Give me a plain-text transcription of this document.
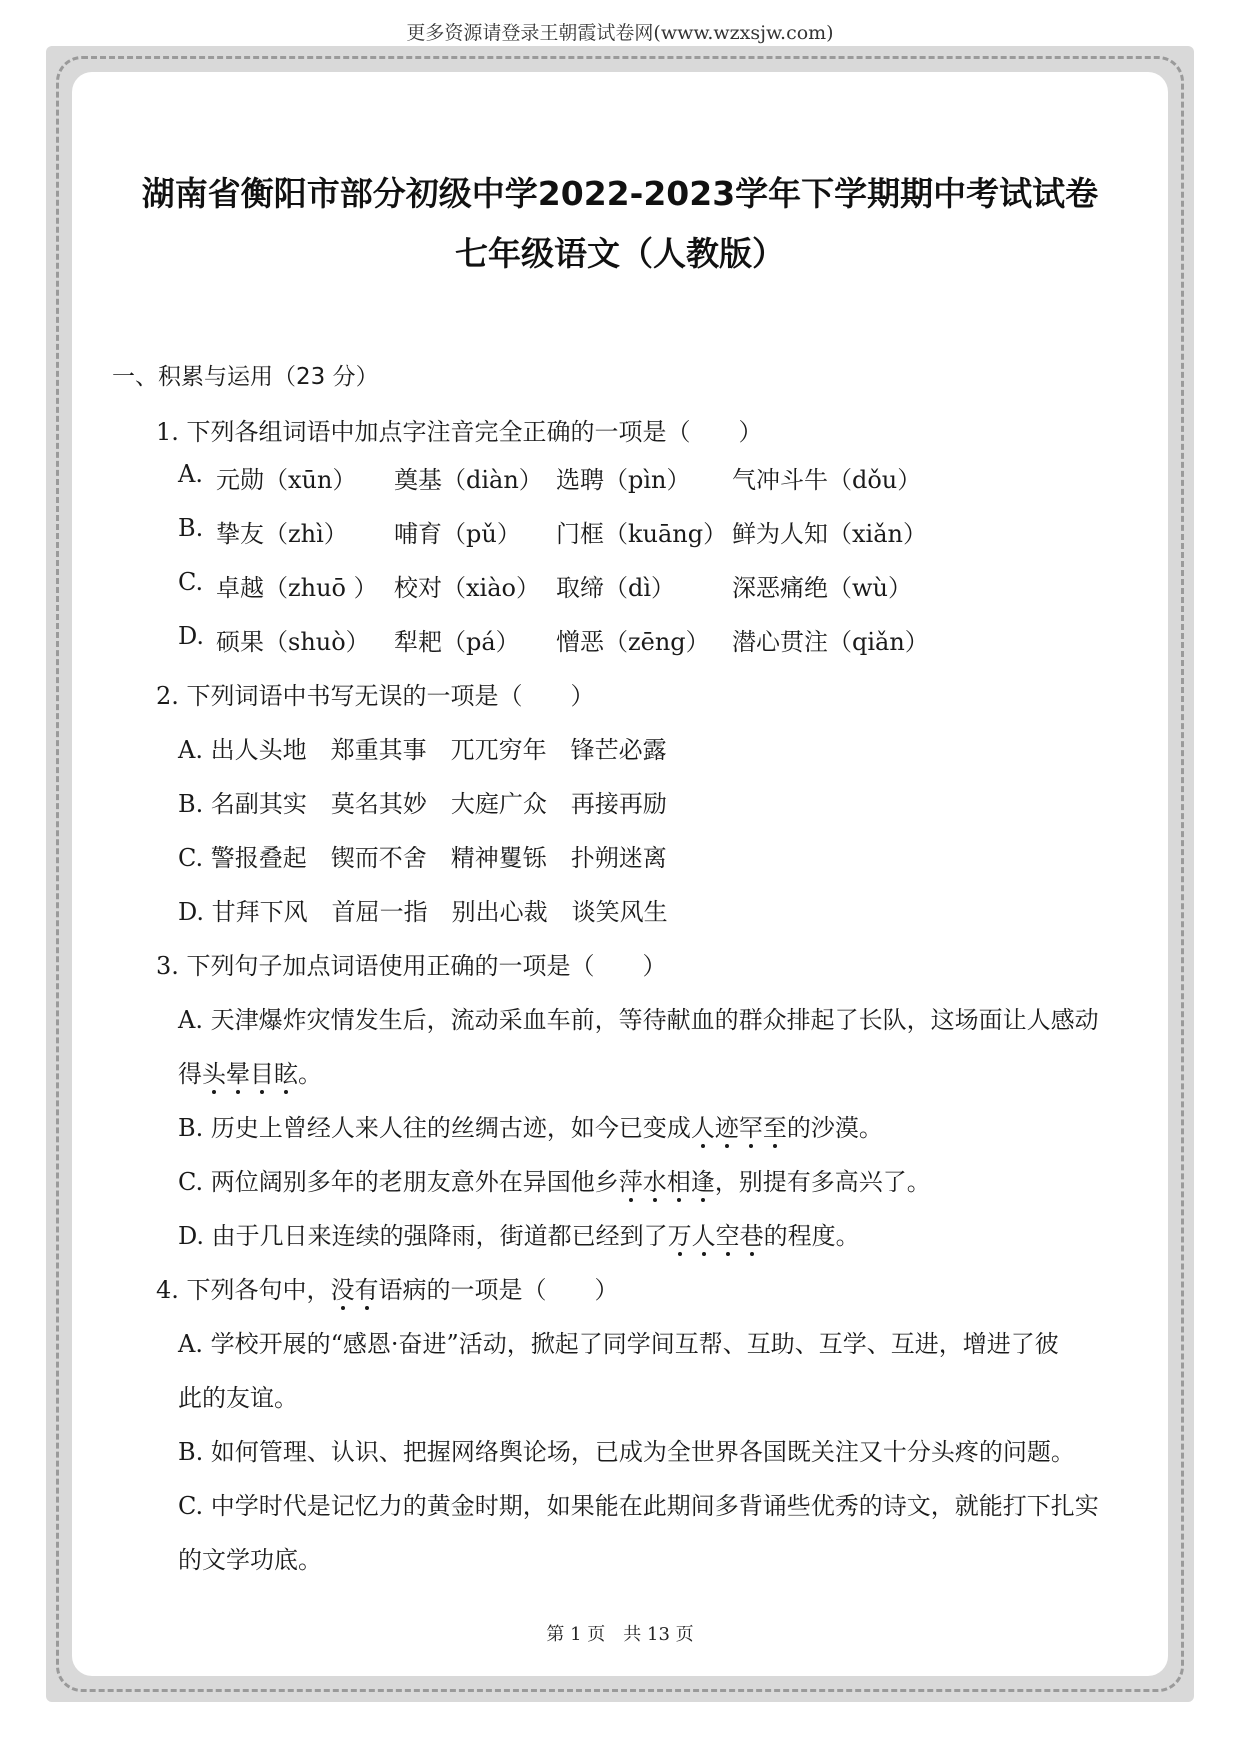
更多资源请登录王朝霞试卷网(www.wzxsjw.com)
湖南省衡阳市部分初级中学2022-2023学年下学期期中考试试卷
七年级语文（人教版）
一、积累与运用（23 分）
1. 下列各组词语中加点字注音完全正确的一项是（　　）
A. 元勋（xūn） 奠基（diàn） 选聘（pìn） 气冲斗牛（dǒu）
B. 挚友（zhì） 哺育（pǔ） 门框（kuāng） 鲜为人知（xiǎn）
C. 卓越（zhuō ） 校对（xiào） 取缔（dì） 深恶痛绝（wù）
D. 硕果（shuò） 犁耙（pá） 憎恶（zēng） 潜心贯注（qiǎn）
2. 下列词语中书写无误的一项是（　　）
A. 出人头地　郑重其事　兀兀穷年　锋芒必露
B. 名副其实　莫名其妙　大庭广众　再接再励
C. 警报叠起　锲而不舍　精神矍铄　扑朔迷离
D. 甘拜下风　首屈一指　别出心裁　谈笑风生
3. 下列句子加点词语使用正确的一项是（　　）
A. 天津爆炸灾情发生后，流动采血车前，等待献血的群众排起了长队，这场面让人感动
得头晕目眩。
B. 历史上曾经人来人往的丝绸古迹，如今已变成人迹罕至的沙漠。
C. 两位阔别多年的老朋友意外在异国他乡萍水相逢，别提有多高兴了。
D. 由于几日来连续的强降雨，街道都已经到了万人空巷的程度。
4. 下列各句中，没有语病的一项是（　　）
A. 学校开展的“感恩·奋进”活动，掀起了同学间互帮、互助、互学、互进，增进了彼
此的友谊。
B. 如何管理、认识、把握网络舆论场，已成为全世界各国既关注又十分头疼的问题。
C. 中学时代是记忆力的黄金时期，如果能在此期间多背诵些优秀的诗文，就能打下扎实
的文学功底。
第 1 页　共 13 页
